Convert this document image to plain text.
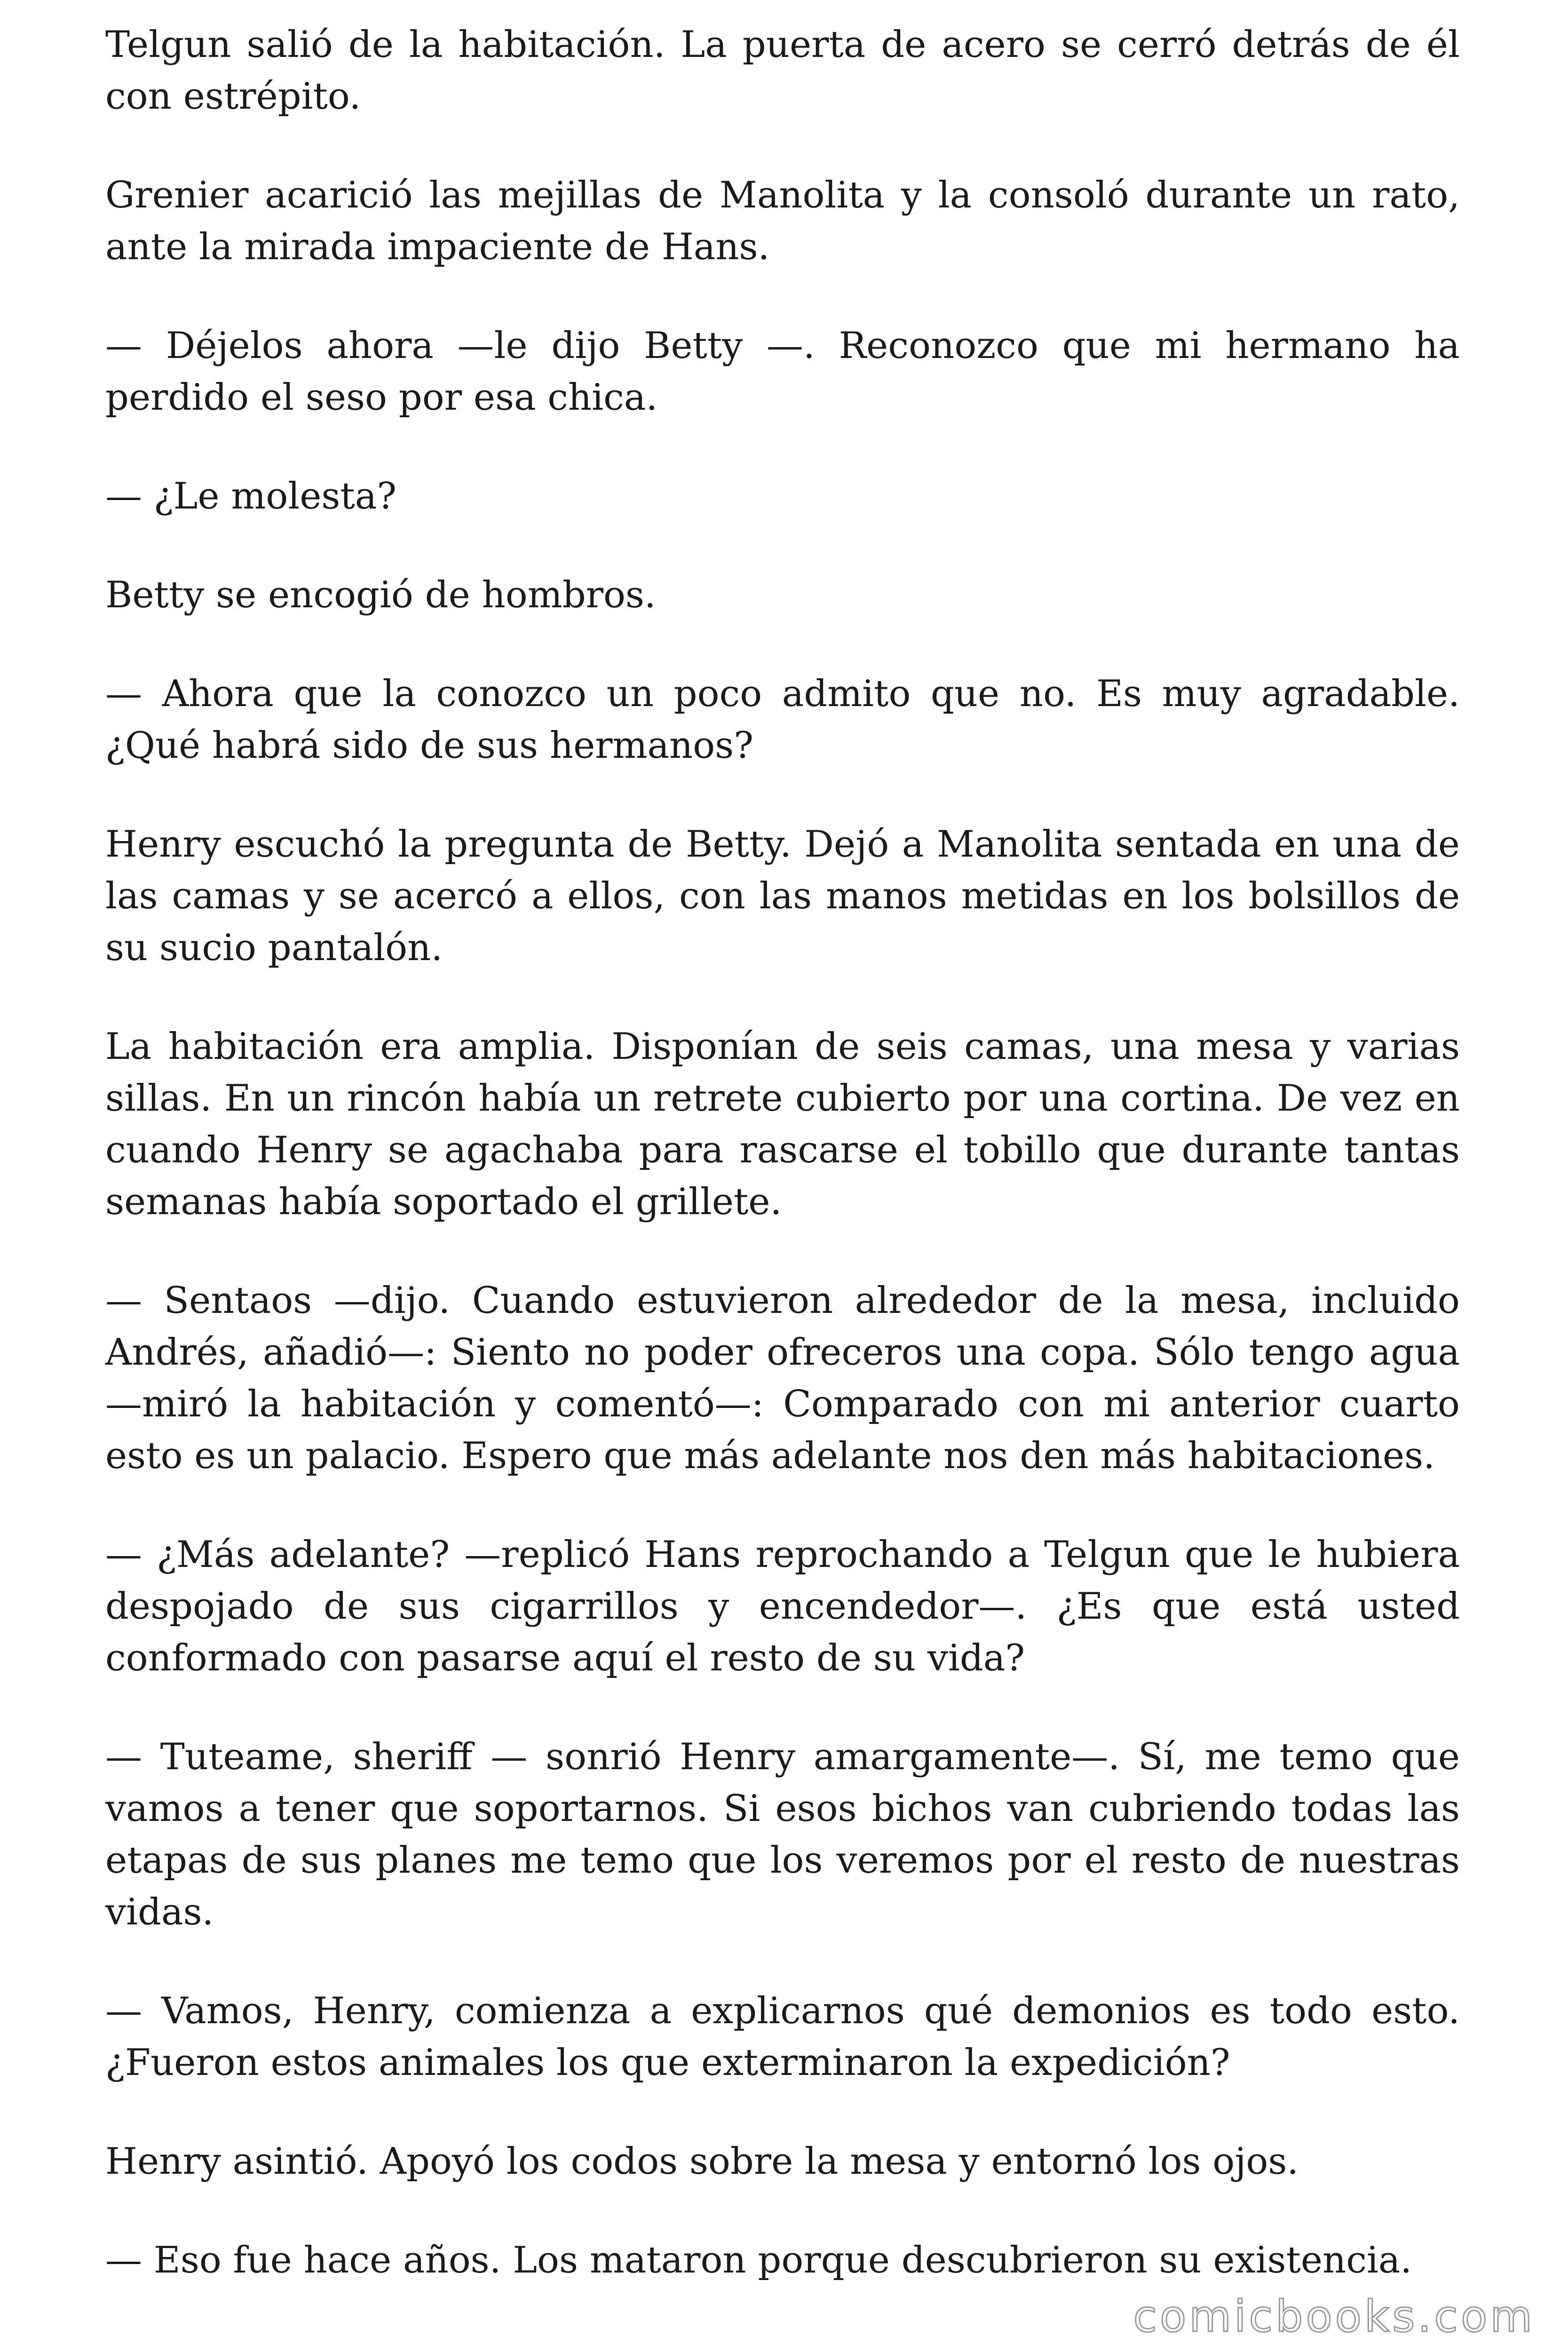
Telgun salió de la habitación. La puerta de acero se cerró detrás de él con estrépito.

Grenier acarició las mejillas de Manolita y la consoló durante un rato, ante la mirada impaciente de Hans.

— Déjelos ahora —le dijo Betty —. Reconozco que mi hermano ha perdido el seso por esa chica.

— ¿Le molesta?

Betty se encogió de hombros.

— Ahora que la conozco un poco admito que no. Es muy agradable. ¿Qué habrá sido de sus hermanos?

Henry escuchó la pregunta de Betty. Dejó a Manolita sentada en una de las camas y se acercó a ellos, con las manos metidas en los bolsillos de su sucio pantalón.

La habitación era amplia. Disponían de seis camas, una mesa y varias sillas. En un rincón había un retrete cubierto por una cortina. De vez en cuando Henry se agachaba para rascarse el tobillo que durante tantas semanas había soportado el grillete.

— Sentaos —dijo. Cuando estuvieron alrededor de la mesa, incluido Andrés, añadió—: Siento no poder ofreceros una copa. Sólo tengo agua —miró la habitación y comentó—: Comparado con mi anterior cuarto esto es un palacio. Espero que más adelante nos den más habitaciones.

— ¿Más adelante? —replicó Hans reprochando a Telgun que le hubiera despojado de sus cigarrillos y encendedor—. ¿Es que está usted conformado con pasarse aquí el resto de su vida?

— Tuteame, sheriff — sonrió Henry amargamente—. Sí, me temo que vamos a tener que soportarnos. Si esos bichos van cubriendo todas las etapas de sus planes me temo que los veremos por el resto de nuestras vidas.

— Vamos, Henry, comienza a explicarnos qué demonios es todo esto. ¿Fueron estos animales los que exterminaron la expedición?

Henry asintió. Apoyó los codos sobre la mesa y entornó los ojos.

— Eso fue hace años. Los mataron porque descubrieron su existencia.

comicbooks.com
